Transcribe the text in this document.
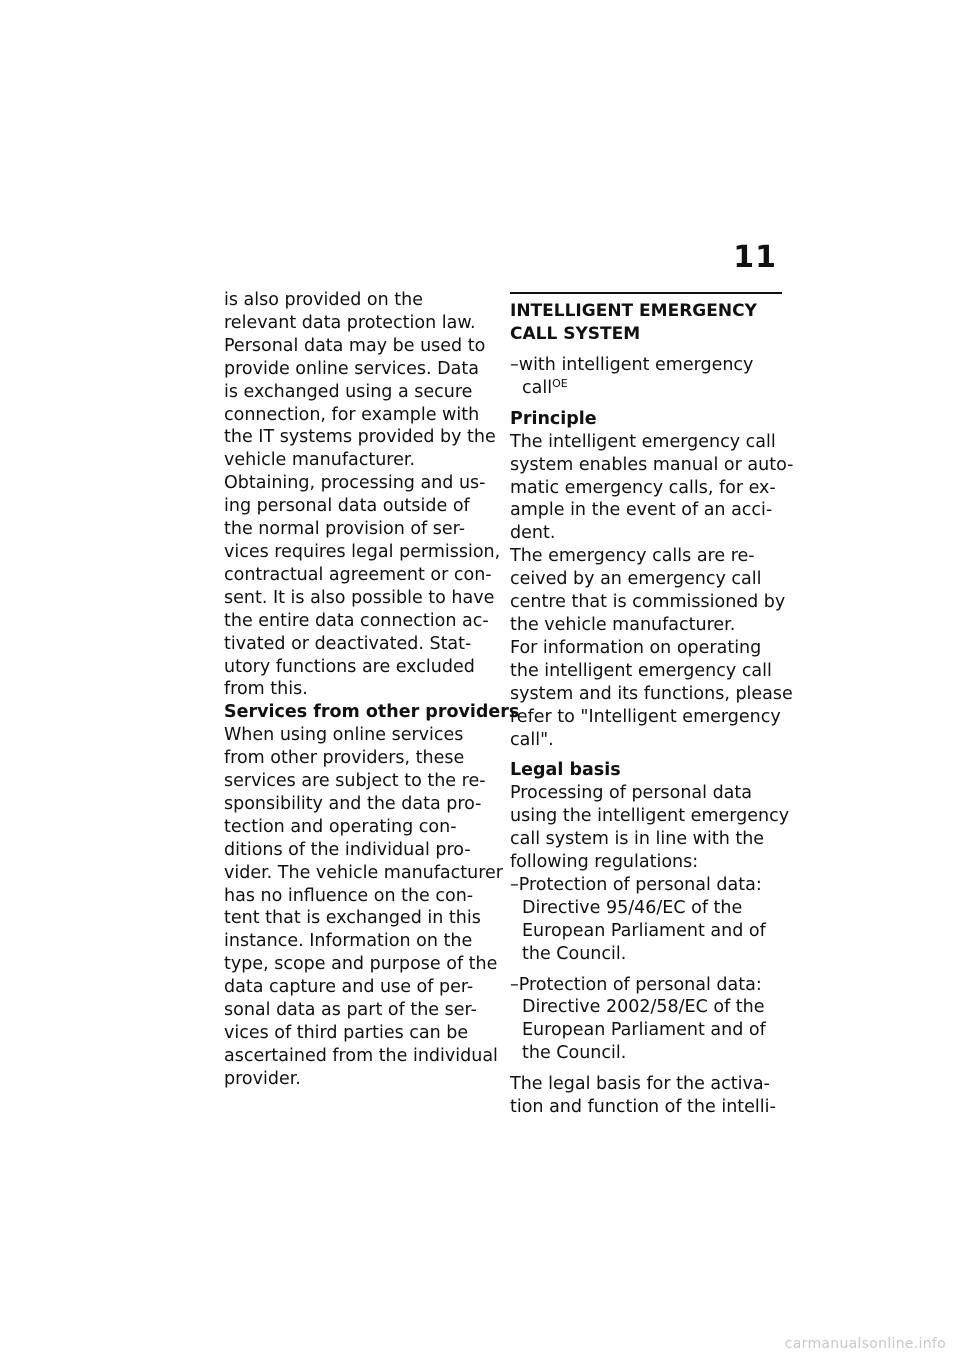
11
is also provided on the
relevant data protection law.
Personal data may be used to
provide online services. Data
is exchanged using a secure
connection, for example with
the IT systems provided by the
vehicle manufacturer.
Obtaining, processing and us-
ing personal data outside of
the normal provision of ser-
vices requires legal permission,
contractual agreement or con-
sent. It is also possible to have
the entire data connection ac-
tivated or deactivated. Stat-
utory functions are excluded
from this.
Services from other providers
When using online services
from other providers, these
services are subject to the re-
sponsibility and the data pro-
tection and operating con-
ditions of the individual pro-
vider. The vehicle manufacturer
has no influence on the con-
tent that is exchanged in this
instance. Information on the
type, scope and purpose of the
data capture and use of per-
sonal data as part of the ser-
vices of third parties can be
ascertained from the individual
provider.
INTELLIGENT EMERGENCY
CALL SYSTEM
–with intelligent emergency
call$^{OE}$
Principle
The intelligent emergency call
system enables manual or auto-
matic emergency calls, for ex-
ample in the event of an acci-
dent.
The emergency calls are re-
ceived by an emergency call
centre that is commissioned by
the vehicle manufacturer.
For information on operating
the intelligent emergency call
system and its functions, please
refer to "Intelligent emergency
call".
Legal basis
Processing of personal data
using the intelligent emergency
call system is in line with the
following regulations:
–Protection of personal data:
Directive 95/46/EC of the
European Parliament and of
the Council.
–Protection of personal data:
Directive 2002/58/EC of the
European Parliament and of
the Council.
The legal basis for the activa-
tion and function of the intelli-
carmanualsonline.info
